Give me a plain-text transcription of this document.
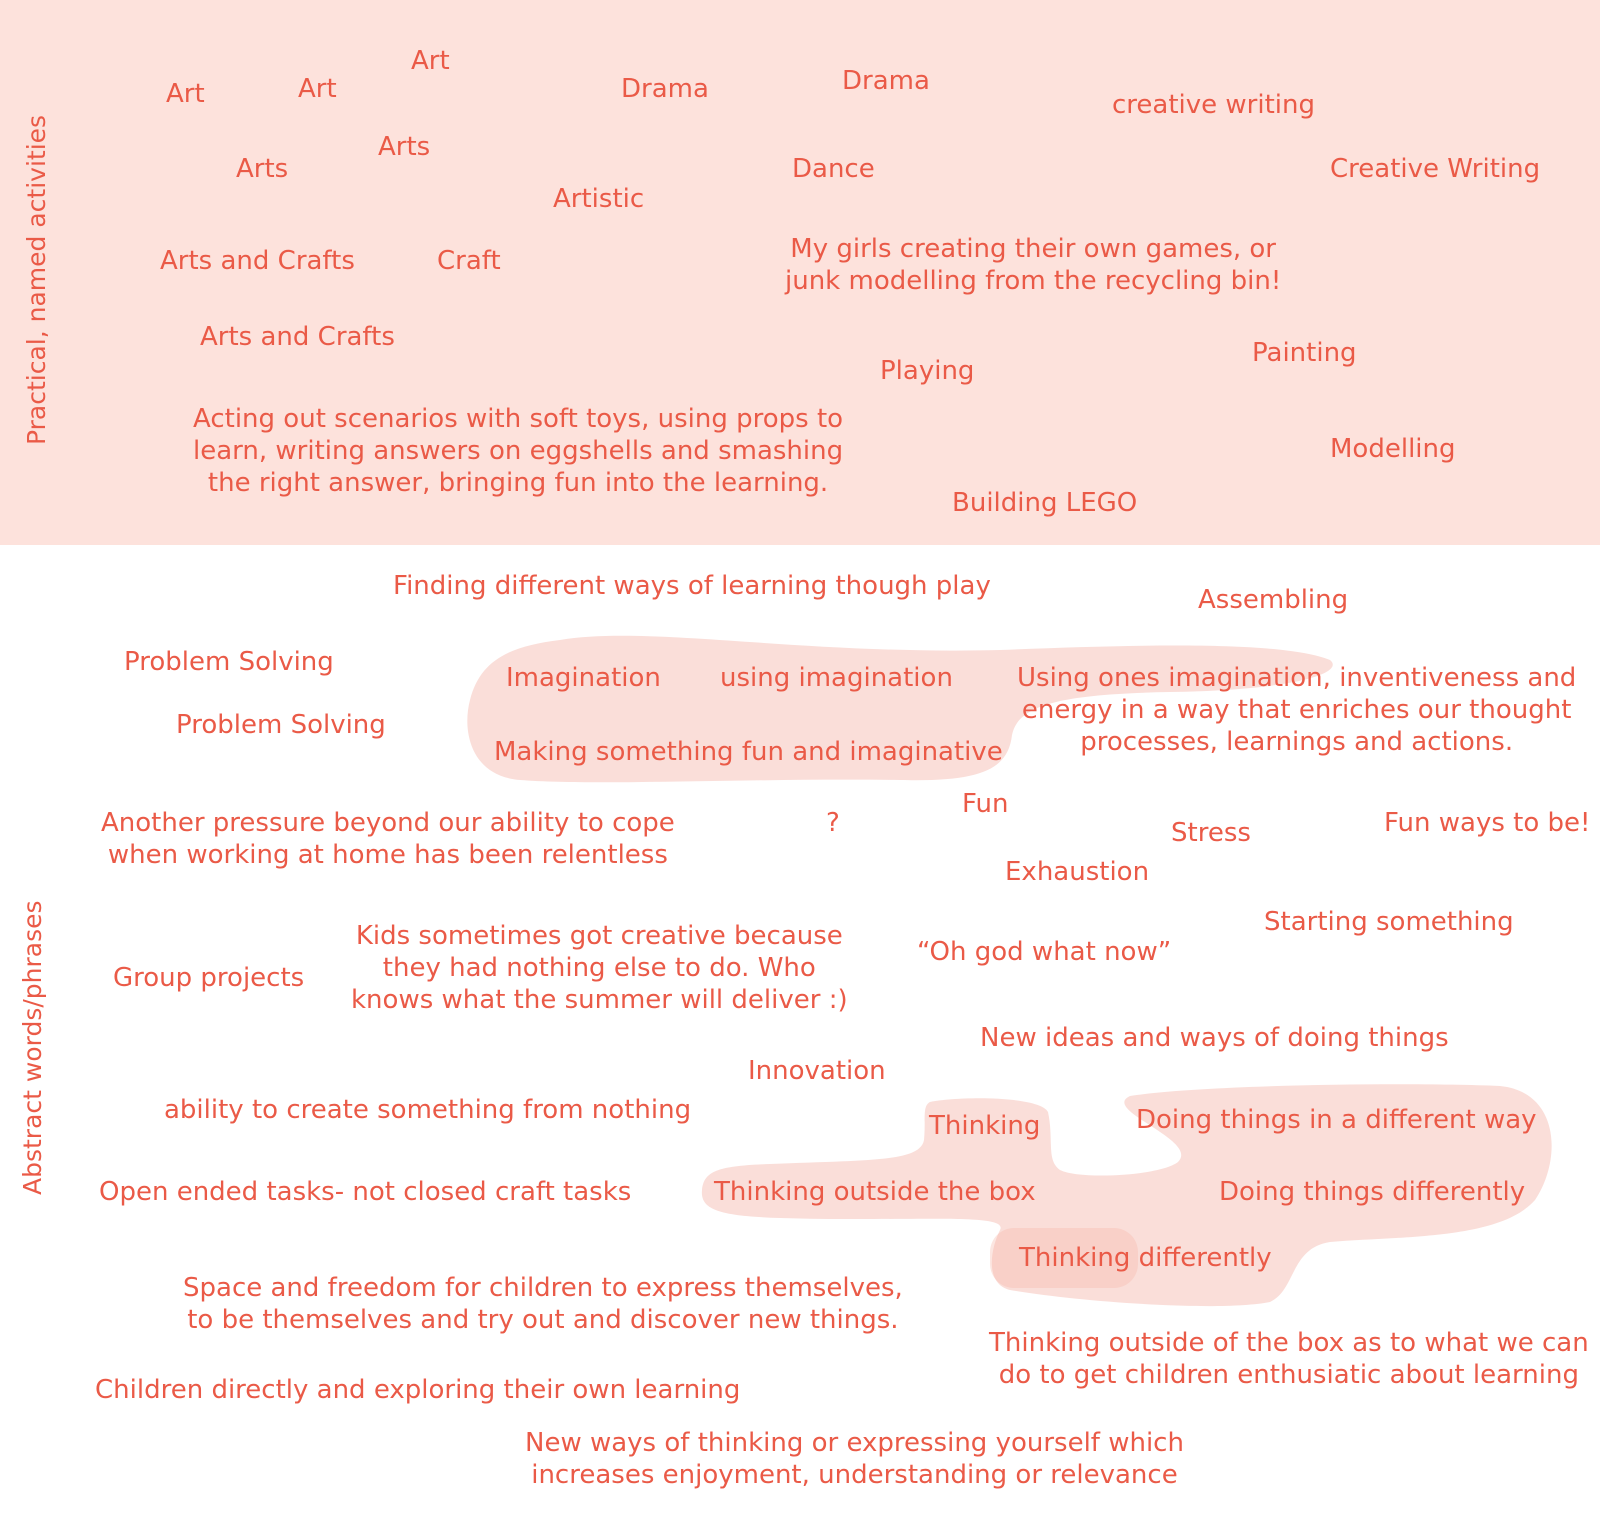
Practical, named activities
Abstract words/phrases
Art	Art
Art
Arts
Arts
Artistic
Drama	Drama
Dance
creative writing
Creative Writing
Arts and Crafts	Craft
Arts and Crafts
My girls creating their own games, or
junk modelling from the recycling bin!
Painting
Playing
Acting out scenarios with soft toys, using props to
learn, writing answers on eggshells and smashing
the right answer, bringing fun into the learning.
Modelling
Building LEGO
Finding different ways of learning though play	Assembling
Problem Solving
Problem Solving
Imagination using imagination Using ones imagination, inventiveness and
energy in a way that enriches our thought
processes, learnings and actions.
Making something fun and imaginative
Another pressure beyond our ability to cope
when working at home has been relentless
?
Fun
Stress	Fun ways to be!
Exhaustion
Starting something
Kids sometimes got creative because
they had nothing else to do. Who
knows what the summer will deliver :)
“Oh god what now”
Group projects
New ideas and ways of doing things
Innovation
ability to create something from nothing
Thinking	Doing things in a different way
Open ended tasks- not closed craft tasks	Thinking outside the box	Doing things differently
Thinking differently
Space and freedom for children to express themselves,
to be themselves and try out and discover new things.
Thinking outside of the box as to what we can
do to get children enthusiatic about learning
Children directly and exploring their own learning
New ways of thinking or expressing yourself which
increases enjoyment, understanding or relevance
